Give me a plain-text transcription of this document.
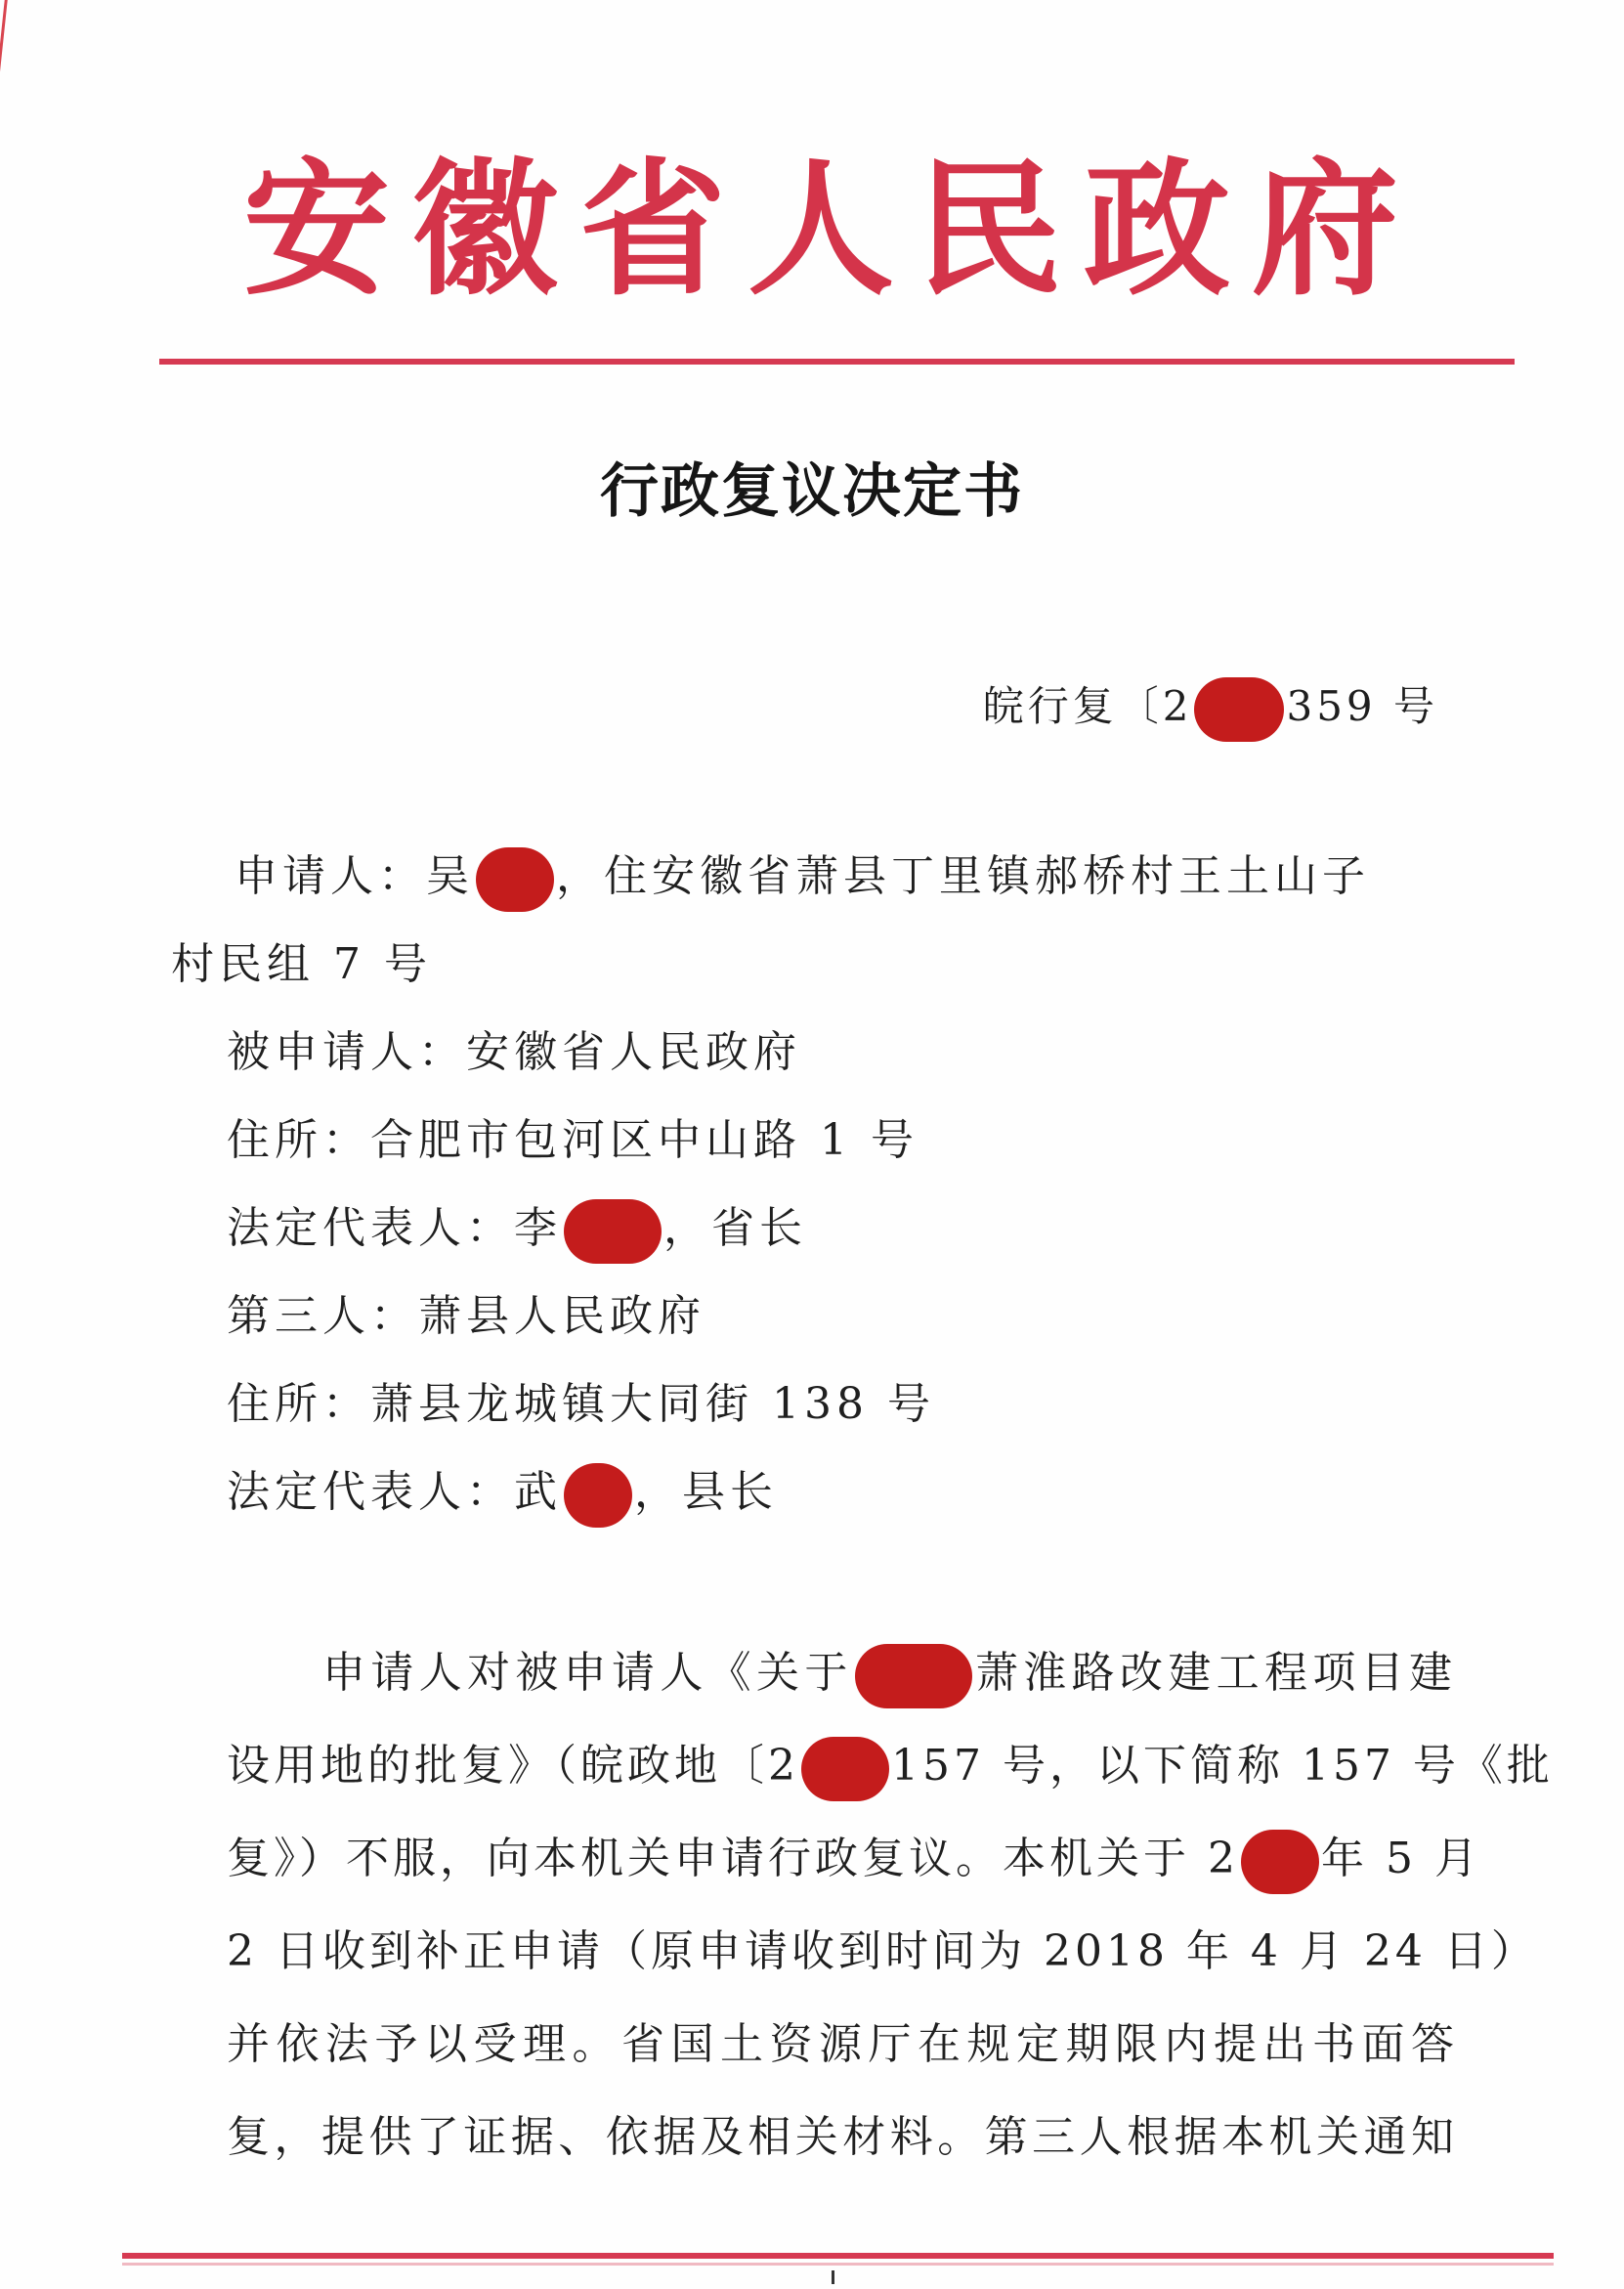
安徽省人民政府
行政复议决定书
皖行复〔2 359 号
申请人：吴 ，住安徽省萧县丁里镇郝桥村王土山子
村民组 7 号
被申请人：安徽省人民政府
住所：合肥市包河区中山路 1 号
法定代表人：李 ，省长
第三人：萧县人民政府
住所：萧县龙城镇大同街 138 号
法定代表人：武 ，县长
申请人对被申请人《关于	萧淮路改建工程项目建
设用地的批复》（皖政地〔2 157 号，以下简称 157 号《批
复》）不服，向本机关申请行政复议。本机关于 2 年 5 月
2 日收到补正申请（原申请收到时间为 2018 年 4 月 24 日）
并依法予以受理。省国土资源厅在规定期限内提出书面答
复，提供了证据、依据及相关材料。第三人根据本机关通知
